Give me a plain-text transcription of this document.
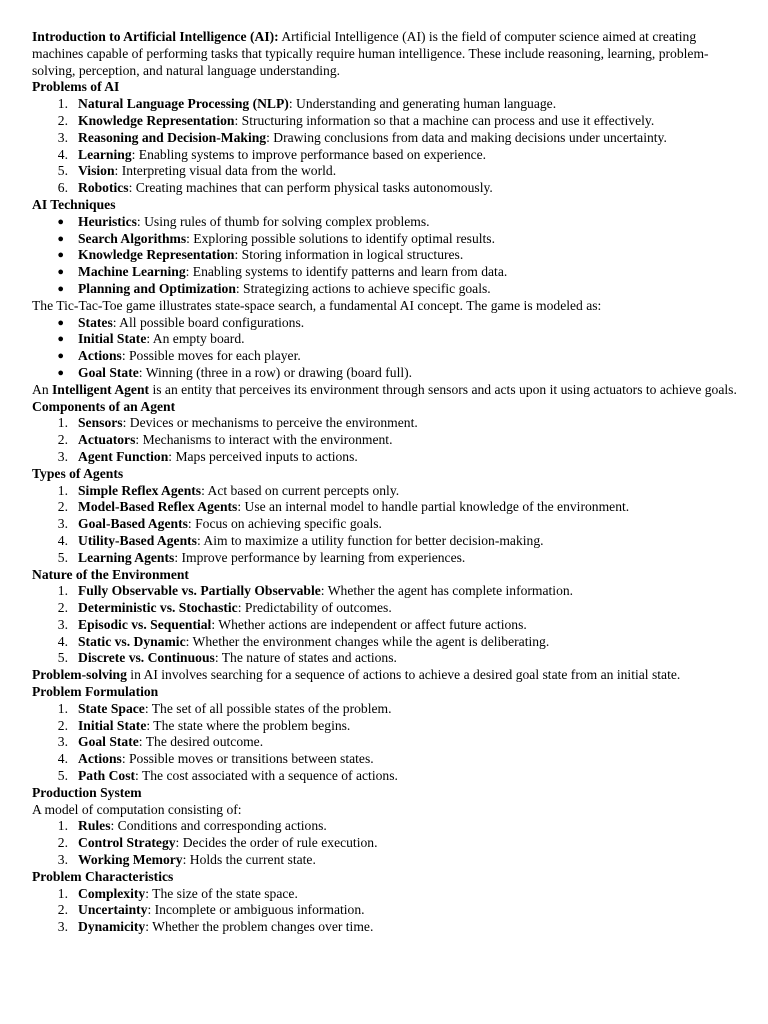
Introduction to Artificial Intelligence (AI): Artificial Intelligence (AI) is the field of computer science aimed at creating machines capable of performing tasks that typically require human intelligence. These include reasoning, learning, problem-solving, perception, and natural language understanding.

Problems of AI
1. Natural Language Processing (NLP): Understanding and generating human language.
2. Knowledge Representation: Structuring information so that a machine can process and use it effectively.
3. Reasoning and Decision-Making: Drawing conclusions from data and making decisions under uncertainty.
4. Learning: Enabling systems to improve performance based on experience.
5. Vision: Interpreting visual data from the world.
6. Robotics: Creating machines that can perform physical tasks autonomously.
AI Techniques
● Heuristics: Using rules of thumb for solving complex problems.
● Search Algorithms: Exploring possible solutions to identify optimal results.
● Knowledge Representation: Storing information in logical structures.
● Machine Learning: Enabling systems to identify patterns and learn from data.
● Planning and Optimization: Strategizing actions to achieve specific goals.

The Tic-Tac-Toe game illustrates state-space search, a fundamental AI concept. The game is modeled as:

● States: All possible board configurations.
● Initial State: An empty board.
● Actions: Possible moves for each player.
● Goal State: Winning (three in a row) or drawing (board full).

An Intelligent Agent is an entity that perceives its environment through sensors and acts upon it using actuators to achieve goals.

Components of an Agent
1. Sensors: Devices or mechanisms to perceive the environment.
2. Actuators: Mechanisms to interact with the environment.
3. Agent Function: Maps perceived inputs to actions.
Types of Agents
1. Simple Reflex Agents: Act based on current percepts only.
2. Model-Based Reflex Agents: Use an internal model to handle partial knowledge of the environment.
3. Goal-Based Agents: Focus on achieving specific goals.
4. Utility-Based Agents: Aim to maximize a utility function for better decision-making.
5. Learning Agents: Improve performance by learning from experiences.
Nature of the Environment
1. Fully Observable vs. Partially Observable: Whether the agent has complete information.
2. Deterministic vs. Stochastic: Predictability of outcomes.
3. Episodic vs. Sequential: Whether actions are independent or affect future actions.
4. Static vs. Dynamic: Whether the environment changes while the agent is deliberating.
5. Discrete vs. Continuous: The nature of states and actions.

Problem-solving in AI involves searching for a sequence of actions to achieve a desired goal state from an initial state.

Problem Formulation
1. State Space: The set of all possible states of the problem.
2. Initial State: The state where the problem begins.
3. Goal State: The desired outcome.
4. Actions: Possible moves or transitions between states.
5. Path Cost: The cost associated with a sequence of actions.
Production System

A model of computation consisting of:

1. Rules: Conditions and corresponding actions.
2. Control Strategy: Decides the order of rule execution.
3. Working Memory: Holds the current state.
Problem Characteristics
1. Complexity: The size of the state space.
2. Uncertainty: Incomplete or ambiguous information.
3. Dynamicity: Whether the problem changes over time.
